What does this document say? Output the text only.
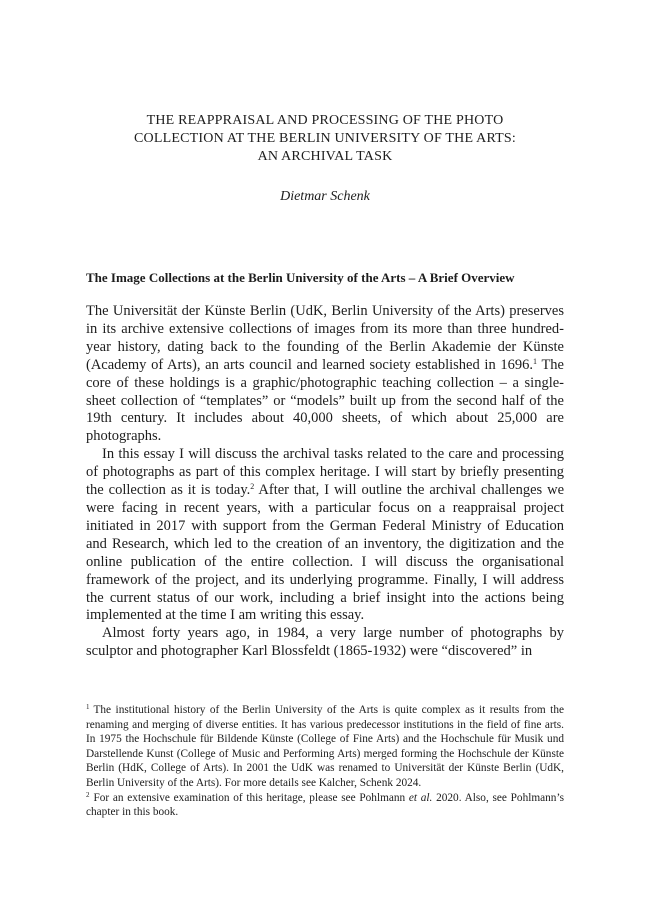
THE REAPPRAISAL AND PROCESSING OF THE PHOTO
COLLECTION AT THE BERLIN UNIVERSITY OF THE ARTS:
AN ARCHIVAL TASK
Dietmar Schenk
The Image Collections at the Berlin University of the Arts – A Brief Overview

The Universität der Künste Berlin (UdK, Berlin University of the Arts) preserves in its archive extensive collections of images from its more than three hundred-year history, dating back to the founding of the Berlin Akademie der Künste (Academy of Arts), an arts council and learned society established in 1696.$^1$ The core of these holdings is a graphic/photographic teaching collection – a single-sheet collection of “templates” or “models” built up from the second half of the 19th century. It includes about 40,000 sheets, of which about 25,000 are photographs.

In this essay I will discuss the archival tasks related to the care and processing of photographs as part of this complex heritage. I will start by briefly presenting the collection as it is today.$^2$ After that, I will outline the archival challenges we were facing in recent years, with a particular focus on a reappraisal project initiated in 2017 with support from the German Federal Ministry of Education and Research, which led to the creation of an inventory, the digitization and the online publication of the entire collection. I will discuss the organisational framework of the project, and its underlying programme. Finally, I will address the current status of our work, including a brief insight into the actions being implemented at the time I am writing this essay.

Almost forty years ago, in 1984, a very large number of photographs by sculptor and photographer Karl Blossfeldt (1865-1932) were “discovered” in

$^1$ The institutional history of the Berlin University of the Arts is quite complex as it results from the renaming and merging of diverse entities. It has various predecessor institutions in the field of fine arts. In 1975 the Hochschule für Bildende Künste (College of Fine Arts) and the Hochschule für Musik und Darstellende Kunst (College of Music and Performing Arts) merged forming the Hochschule der Künste Berlin (HdK, College of Arts). In 2001 the UdK was renamed to Universität der Künste Berlin (UdK, Berlin University of the Arts). For more details see Kalcher, Schenk 2024.

$^2$ For an extensive examination of this heritage, please see Pohlmann et al. 2020. Also, see Pohlmann’s chapter in this book.
